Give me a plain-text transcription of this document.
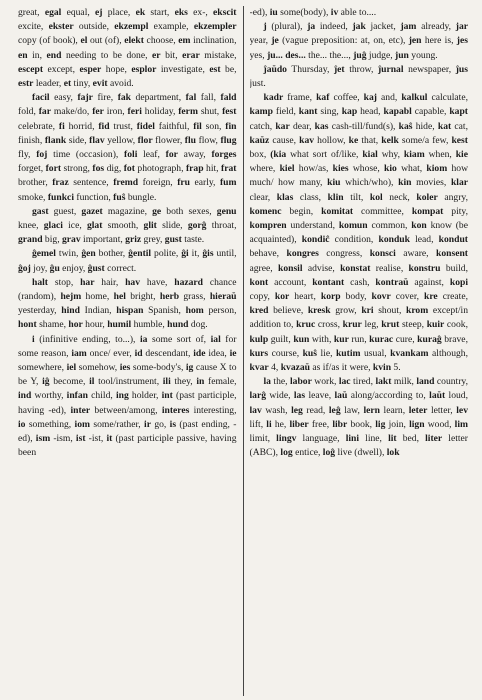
great, egal equal, ej place, ek start, eks ex-, ekscit excite, ekster outside, ekzempl example, ekzempler copy (of book), el out (of), elekt choose, em inclination, en in, end needing to be done, er bit, erar mistake, escept except, esper hope, esplor investigate, est be, estr leader, et tiny, evit avoid.

facil easy, fajr fire, fak department, fal fall, fald fold, far make/do, fer iron, feri holiday, ferm shut, fest celebrate, fi horrid, fid trust, fidel faithful, fil son, fin finish, flank side, flav yellow, flor flower, flu flow, flug fly, foj time (occasion), foli leaf, for away, forges forget, fort strong, fos dig, fot photograph, frap hit, frat brother, fraz sentence, fremd foreign, fru early, fum smoke, funkci function, fuŝ bungle.

gast guest, gazet magazine, ge both sexes, genu knee, glaci ice, glat smooth, glit slide, gorĝ throat, grand big, grav important, griz grey, gust taste.

ĝemel twin, ĝen bother, ĝentil polite, ĝi it, ĝis until, ĝoj joy, ĝu enjoy, ĝust correct.

halt stop, har hair, hav have, hazard chance (random), hejm home, hel bright, herb grass, hieraŭ yesterday, hind Indian, hispan Spanish, hom person, hont shame, hor hour, humil humble, hund dog.

i (infinitive ending, to...), ia some sort of, ial for some reason, iam once/ ever, id descendant, ide idea, ie somewhere, iel somehow, ies some-body's, ig cause X to be Y, iĝ become, il tool/instrument, ili they, in female, ind worthy, infan child, ing holder, int (past participle, having -ed), inter between/among, interes interesting, io something, iom some/rather, ir go, is (past ending, -ed), ism -ism, ist -ist, it (past participle passive, having been

-ed), iu some(body), iv able to....

j (plural), ja indeed, jak jacket, jam already, jar year, je (vague preposition: at, on, etc), jen here is, jes yes, ju... des... the... the..., juĝ judge, jun young.

ĵaŭdo Thursday, ĵet throw, ĵurnal newspaper, ĵus just.

kadr frame, kaf coffee, kaj and, kalkul calculate, kamp field, kant sing, kap head, kapabl capable, kapt catch, kar dear, kas cash-till/fund(s), kaŝ hide, kat cat, kaŭz cause, kav hollow, ke that, kelk some/a few, kest box, (kia what sort of/like, kial why, kiam when, kie where, kiel how/as, kies whose, kio what, kiom how much/ how many, kiu which/who), kin movies, klar clear, klas class, klin tilt, kol neck, koler angry, komenc begin, komitat committee, kompat pity, kompren understand, komun common, kon know (be acquainted), kondiĉ condition, konduk lead, kondut behave, kongres congress, konsci aware, konsent agree, konsil advise, konstat realise, konstru build, kont account, kontant cash, kontraŭ against, kopi copy, kor heart, korp body, kovr cover, kre create, kred believe, kresk grow, kri shout, krom except/in addition to, kruc cross, krur leg, krut steep, kuir cook, kulp guilt, kun with, kur run, kurac cure, kuraĝ brave, kurs course, kuŝ lie, kutim usual, kvankam although, kvar 4, kvazaŭ as if/as it were, kvin 5.

la the, labor work, lac tired, lakt milk, land country, larĝ wide, las leave, laŭ along/according to, laŭt loud, lav wash, leg read, leĝ law, lern learn, leter letter, lev lift, li he, liber free, libr book, lig join, lign wood, lim limit, lingv language, lini line, lit bed, liter letter (ABC), log entice, loĝ live (dwell), lok
